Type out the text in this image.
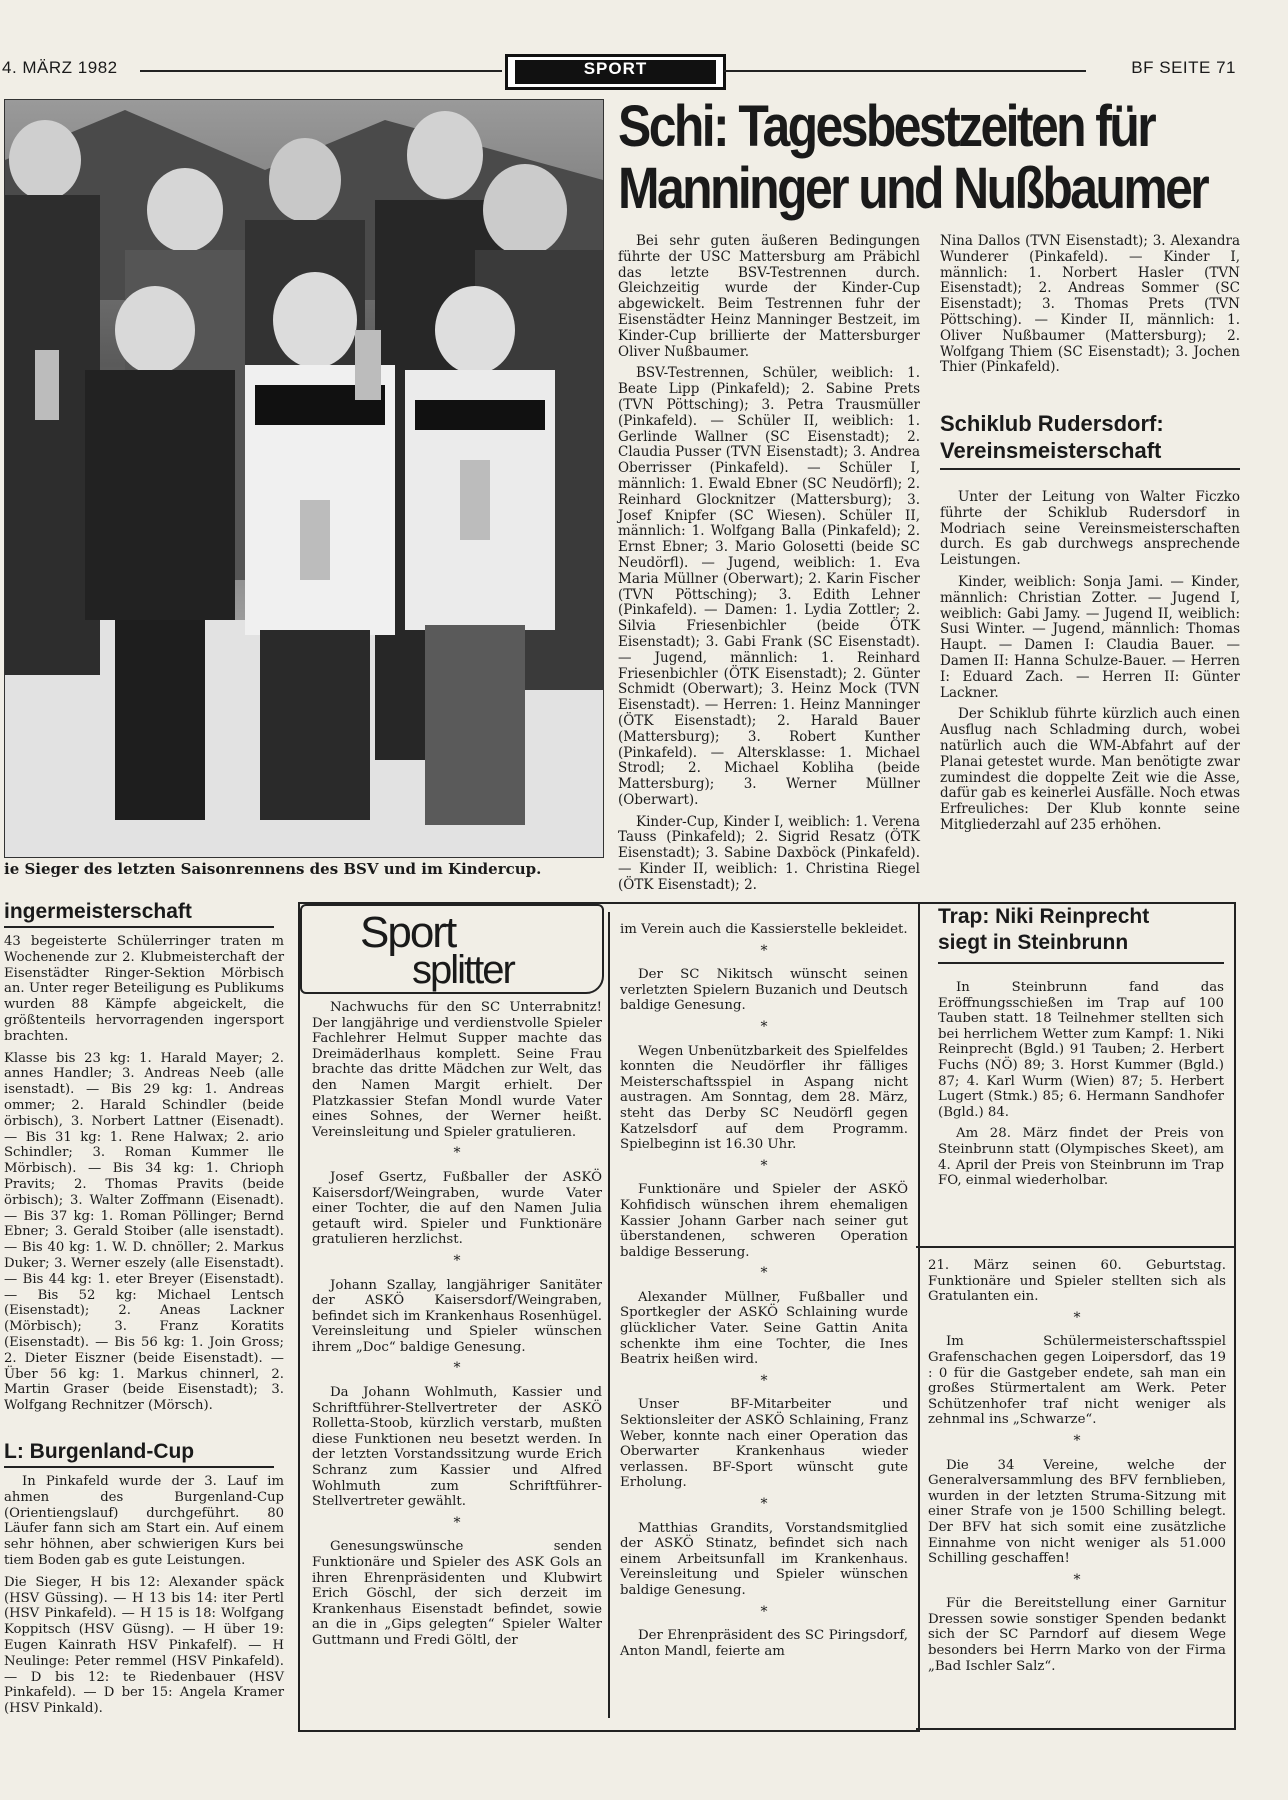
4. MÄRZ 1982	SPORT	BF SEITE 71
ie Sieger des letzten Saisonrennens des BSV und im Kindercup.
Schi: Tagesbestzeiten für
Manninger und Nußbaumer

Bei sehr guten äußeren Bedingungen führte der USC Mattersburg am Präbichl das letzte BSV-Testrennen durch. Gleichzeitig wurde der Kinder-Cup abgewickelt. Beim Testrennen fuhr der Eisenstädter Heinz Manninger Bestzeit, im Kinder-Cup brillierte der Mattersburger Oliver Nußbaumer.

BSV-Testrennen, Schüler, weiblich: 1. Beate Lipp (Pinkafeld); 2. Sabine Prets (TVN Pöttsching); 3. Petra Trausmüller (Pinkafeld). — Schüler II, weiblich: 1. Gerlinde Wallner (SC Eisenstadt); 2. Claudia Pusser (TVN Eisenstadt); 3. Andrea Oberrisser (Pinkafeld). — Schüler I, männlich: 1. Ewald Ebner (SC Neudörfl); 2. Reinhard Glocknitzer (Mattersburg); 3. Josef Knipfer (SC Wiesen). Schüler II, männlich: 1. Wolfgang Balla (Pinkafeld); 2. Ernst Ebner; 3. Mario Golosetti (beide SC Neudörfl). — Jugend, weiblich: 1. Eva Maria Müllner (Oberwart); 2. Karin Fischer (TVN Pöttsching); 3. Edith Lehner (Pinkafeld). — Damen: 1. Lydia Zottler; 2. Silvia Friesenbichler (beide ÖTK Eisenstadt); 3. Gabi Frank (SC Eisenstadt). — Jugend, männlich: 1. Reinhard Friesenbichler (ÖTK Eisenstadt); 2. Günter Schmidt (Oberwart); 3. Heinz Mock (TVN Eisenstadt). — Herren: 1. Heinz Manninger (ÖTK Eisenstadt); 2. Harald Bauer (Mattersburg); 3. Robert Kunther (Pinkafeld). — Altersklasse: 1. Michael Strodl; 2. Michael Kobliha (beide Mattersburg); 3. Werner Müllner (Oberwart).

Kinder-Cup, Kinder I, weiblich: 1. Verena Tauss (Pinkafeld); 2. Sigrid Resatz (ÖTK Eisenstadt); 3. Sabine Daxböck (Pinkafeld). — Kinder II, weiblich: 1. Christina Riegel (ÖTK Eisenstadt); 2.

Nina Dallos (TVN Eisenstadt); 3. Alexandra Wunderer (Pinkafeld). — Kinder I, männlich: 1. Norbert Hasler (TVN Eisenstadt); 2. Andreas Sommer (SC Eisenstadt); 3. Thomas Prets (TVN Pöttsching). — Kinder II, männlich: 1. Oliver Nußbaumer (Mattersburg); 2. Wolfgang Thiem (SC Eisenstadt); 3. Jochen Thier (Pinkafeld).

Schiklub Rudersdorf:
Vereinsmeisterschaft

Unter der Leitung von Walter Ficzko führte der Schiklub Rudersdorf in Modriach seine Vereinsmeisterschaften durch. Es gab durchwegs ansprechende Leistungen.

Kinder, weiblich: Sonja Jami. — Kinder, männlich: Christian Zotter. — Jugend I, weiblich: Gabi Jamy. — Jugend II, weiblich: Susi Winter. — Jugend, männlich: Thomas Haupt. — Damen I: Claudia Bauer. — Damen II: Hanna Schulze-Bauer. — Herren I: Eduard Zach. — Herren II: Günter Lackner.

Der Schiklub führte kürzlich auch einen Ausflug nach Schladming durch, wobei natürlich auch die WM-Abfahrt auf der Planai getestet wurde. Man benötigte zwar zumindest die doppelte Zeit wie die Asse, dafür gab es keinerlei Ausfälle. Noch etwas Erfreuliches: Der Klub konnte seine Mitgliederzahl auf 235 erhöhen.

ingermeisterschaft

43 begeisterte Schülerringer traten m Wochenende zur 2. Klubmeisterchaft der Eisenstädter Ringer-Sektion Mörbisch an. Unter reger Beteiligung es Publikums wurden 88 Kämpfe abgeickelt, die größtenteils hervorragenden ingersport brachten.

Klasse bis 23 kg: 1. Harald Mayer; 2. annes Handler; 3. Andreas Neeb (alle isenstadt). — Bis 29 kg: 1. Andreas ommer; 2. Harald Schindler (beide örbisch), 3. Norbert Lattner (Eisenadt). — Bis 31 kg: 1. Rene Halwax; 2. ario Schindler; 3. Roman Kummer lle Mörbisch). — Bis 34 kg: 1. Chrioph Pravits; 2. Thomas Pravits (beide örbisch); 3. Walter Zoffmann (Eisenadt). — Bis 37 kg: 1. Roman Pöllinger; Bernd Ebner; 3. Gerald Stoiber (alle isenstadt). — Bis 40 kg: 1. W. D. chnöller; 2. Markus Duker; 3. Werner eszely (alle Eisenstadt). — Bis 44 kg: 1. eter Breyer (Eisenstadt). — Bis 52 kg: Michael Lentsch (Eisenstadt); 2. Aneas Lackner (Mörbisch); 3. Franz Koratits (Eisenstadt). — Bis 56 kg: 1. Join Gross; 2. Dieter Eiszner (beide Eisenstadt). — Über 56 kg: 1. Markus chinnerl, 2. Martin Graser (beide Eisenstadt); 3. Wolfgang Rechnitzer (Mörsch).

L: Burgenland-Cup

In Pinkafeld wurde der 3. Lauf im ahmen des Burgenland-Cup (Orientiengslauf) durchgeführt. 80 Läufer fann sich am Start ein. Auf einem sehr höhnen, aber schwierigen Kurs bei tiem Boden gab es gute Leistungen.

Die Sieger, H bis 12: Alexander späck (HSV Güssing). — H 13 bis 14: iter Pertl (HSV Pinkafeld). — H 15 is 18: Wolfgang Koppitsch (HSV Güsng). — H über 19: Eugen Kainrath HSV Pinkafelf). — H Neulinge: Peter remmel (HSV Pinkafeld). — D bis 12: te Riedenbauer (HSV Pinkafeld). — D ber 15: Angela Kramer (HSV Pinkald).

Sport
splitter

Nachwuchs für den SC Unterrabnitz! Der langjährige und verdienstvolle Spieler Fachlehrer Helmut Supper machte das Dreimäderlhaus komplett. Seine Frau brachte das dritte Mädchen zur Welt, das den Namen Margit erhielt. Der Platzkassier Stefan Mondl wurde Vater eines Sohnes, der Werner heißt. Vereinsleitung und Spieler gratulieren.

*

Josef Gsertz, Fußballer der ASKÖ Kaisersdorf/Weingraben, wurde Vater einer Tochter, die auf den Namen Julia getauft wird. Spieler und Funktionäre gratulieren herzlichst.

*

Johann Szallay, langjähriger Sanitäter der ASKÖ Kaisersdorf/Weingraben, befindet sich im Krankenhaus Rosenhügel. Vereinsleitung und Spieler wünschen ihrem „Doc“ baldige Genesung.

*

Da Johann Wohlmuth, Kassier und Schriftführer-Stellvertreter der ASKÖ Rolletta-Stoob, kürzlich verstarb, mußten diese Funktionen neu besetzt werden. In der letzten Vorstandssitzung wurde Erich Schranz zum Kassier und Alfred Wohlmuth zum Schriftführer-Stellvertreter gewählt.

*

Genesungswünsche senden Funktionäre und Spieler des ASK Gols an ihren Ehrenpräsidenten und Klubwirt Erich Göschl, der sich derzeit im Krankenhaus Eisenstadt befindet, sowie an die in „Gips gelegten“ Spieler Walter Guttmann und Fredi Göltl, der

im Verein auch die Kassierstelle bekleidet.

*

Der SC Nikitsch wünscht seinen verletzten Spielern Buzanich und Deutsch baldige Genesung.

*

Wegen Unbenützbarkeit des Spielfeldes konnten die Neudörfler ihr fälliges Meisterschaftsspiel in Aspang nicht austragen. Am Sonntag, dem 28. März, steht das Derby SC Neudörfl gegen Katzelsdorf auf dem Programm. Spielbeginn ist 16.30 Uhr.

*

Funktionäre und Spieler der ASKÖ Kohfidisch wünschen ihrem ehemaligen Kassier Johann Garber nach seiner gut überstandenen, schweren Operation baldige Besserung.

*

Alexander Müllner, Fußballer und Sportkegler der ASKÖ Schlaining wurde glücklicher Vater. Seine Gattin Anita schenkte ihm eine Tochter, die Ines Beatrix heißen wird.

*

Unser BF-Mitarbeiter und Sektionsleiter der ASKÖ Schlaining, Franz Weber, konnte nach einer Operation das Oberwarter Krankenhaus wieder verlassen. BF-Sport wünscht gute Erholung.

*

Matthias Grandits, Vorstandsmitglied der ASKÖ Stinatz, befindet sich nach einem Arbeitsunfall im Krankenhaus. Vereinsleitung und Spieler wünschen baldige Genesung.

*

Der Ehrenpräsident des SC Piringsdorf, Anton Mandl, feierte am

Trap: Niki Reinprecht
siegt in Steinbrunn

In Steinbrunn fand das Eröffnungsschießen im Trap auf 100 Tauben statt. 18 Teilnehmer stellten sich bei herrlichem Wetter zum Kampf: 1. Niki Reinprecht (Bgld.) 91 Tauben; 2. Herbert Fuchs (NÖ) 89; 3. Horst Kummer (Bgld.) 87; 4. Karl Wurm (Wien) 87; 5. Herbert Lugert (Stmk.) 85; 6. Hermann Sandhofer (Bgld.) 84.

Am 28. März findet der Preis von Steinbrunn statt (Olympisches Skeet), am 4. April der Preis von Steinbrunn im Trap FO, einmal wiederholbar.

21. März seinen 60. Geburtstag. Funktionäre und Spieler stellten sich als Gratulanten ein.

*

Im Schülermeisterschaftsspiel Grafenschachen gegen Loipersdorf, das 19 : 0 für die Gastgeber endete, sah man ein großes Stürmertalent am Werk. Peter Schützenhofer traf nicht weniger als zehnmal ins „Schwarze“.

*

Die 34 Vereine, welche der Generalversammlung des BFV fernblieben, wurden in der letzten Struma-Sitzung mit einer Strafe von je 1500 Schilling belegt. Der BFV hat sich somit eine zusätzliche Einnahme von nicht weniger als 51.000 Schilling geschaffen!

*

Für die Bereitstellung einer Garnitur Dressen sowie sonstiger Spenden bedankt sich der SC Parndorf auf diesem Wege besonders bei Herrn Marko von der Firma „Bad Ischler Salz“.
